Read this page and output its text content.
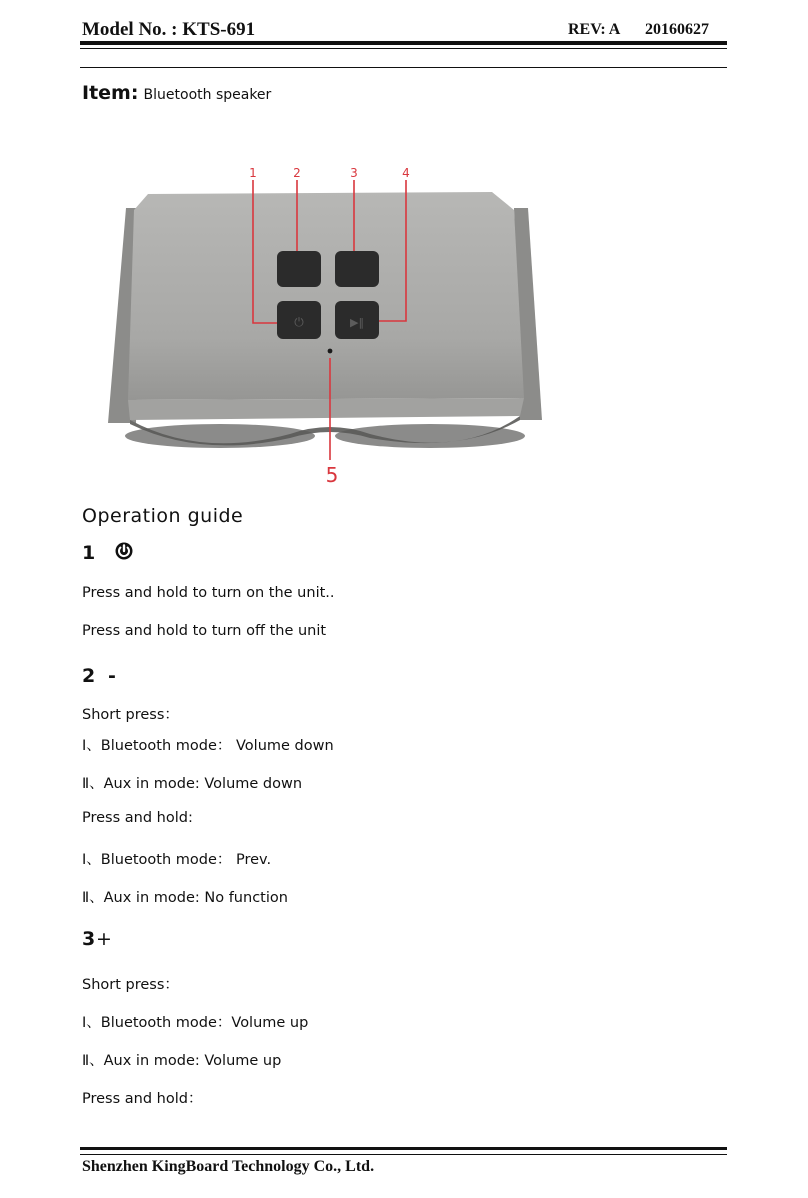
Model No. : KTS-691	REV: A 20160627
Item: Bluetooth speaker
⏻	▶‖
1	2	3	4
5
Operation guide
1
Press and hold to turn on the unit..
Press and hold to turn off the unit
2 -
Short press：
Ⅰ、Bluetooth mode： Volume down
Ⅱ、Aux in mode: Volume down
Press and hold:
Ⅰ、Bluetooth mode： Prev.
Ⅱ、Aux in mode: No function
3 +
Short press：
Ⅰ、Bluetooth mode：Volume up
Ⅱ、Aux in mode: Volume up
Press and hold：
Shenzhen KingBoard Technology Co., Ltd.
